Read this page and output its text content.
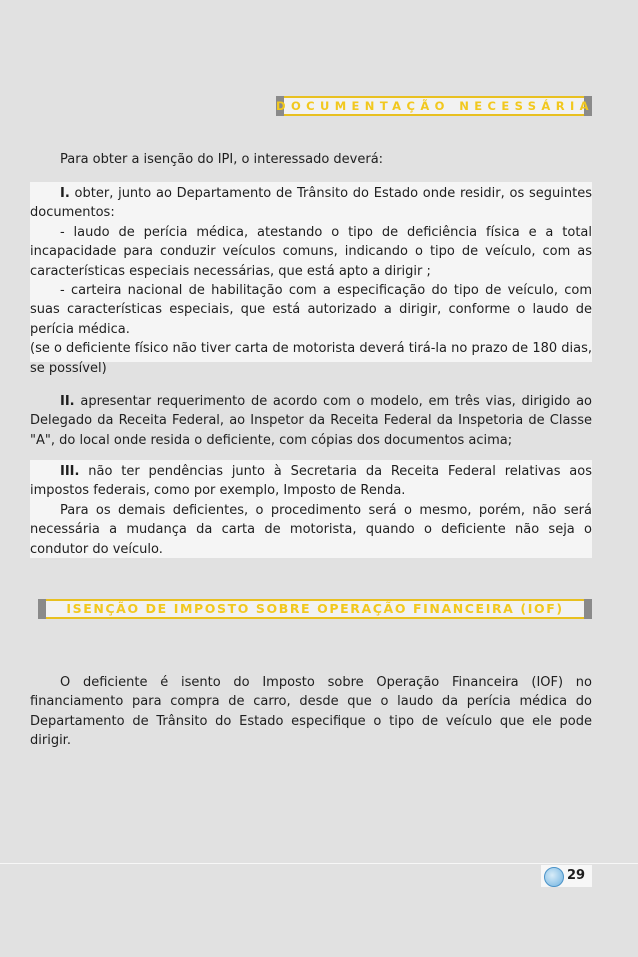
DOCUMENTAÇÃO NECESSÁRIA

Para obter a isenção do IPI, o interessado deverá:

I. obter, junto ao Departamento de Trânsito do Estado onde residir, os seguintes documentos:

- laudo de perícia médica, atestando o tipo de deficiência física e a total incapacidade para conduzir veículos comuns, indicando o tipo de veículo, com as características especiais necessárias, que está apto a dirigir ;

- carteira nacional de habilitação com a especificação do tipo de veículo, com suas características especiais, que está autorizado a dirigir, conforme o laudo de perícia médica.

(se o deficiente físico não tiver carta de motorista deverá tirá-la no prazo de 180 dias, se possível)

II. apresentar requerimento de acordo com o modelo, em três vias, dirigido ao Delegado da Receita Federal, ao Inspetor da Receita Federal da Inspetoria de Classe "A", do local onde resida o deficiente, com cópias dos documentos acima;

III. não ter pendências junto à Secretaria da Receita Federal relativas aos impostos federais, como por exemplo, Imposto de Renda.

Para os demais deficientes, o procedimento será o mesmo, porém, não será necessária a mudança da carta de motorista, quando o deficiente não seja o condutor do veículo.

ISENÇÃO DE IMPOSTO SOBRE OPERAÇÃO FINANCEIRA (IOF)

O deficiente é isento do Imposto sobre Operação Financeira (IOF) no financiamento para compra de carro, desde que o laudo da perícia médica do Departamento de Trânsito do Estado especifique o tipo de veículo que ele pode dirigir.

29
